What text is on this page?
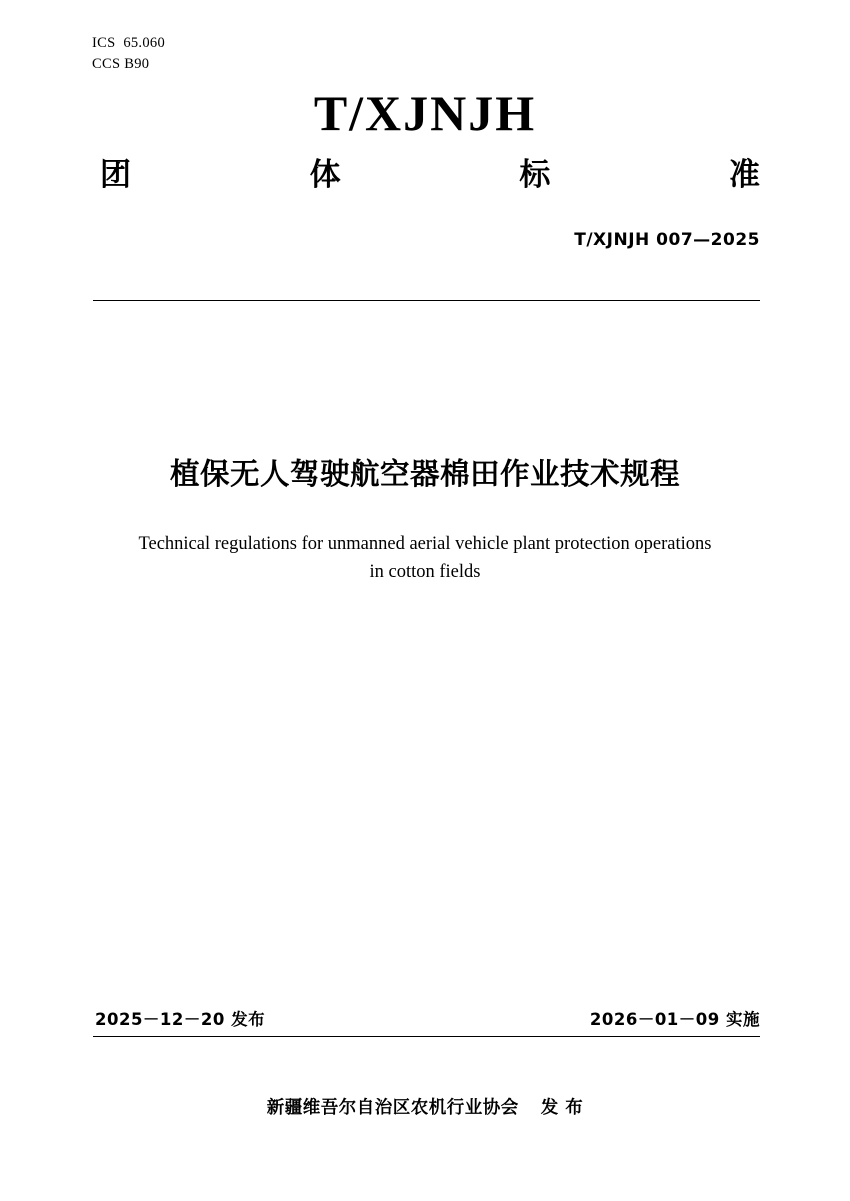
ICS  65.060
CCS B90
T/XJNJH
团	体	标	准
T/XJNJH 007—2025
植保无人驾驶航空器棉田作业技术规程
Technical regulations for unmanned aerial vehicle plant protection operations
in cotton fields
2025－12－20 发布	2026－01－09 实施
新疆维吾尔自治区农机行业协会 发 布
